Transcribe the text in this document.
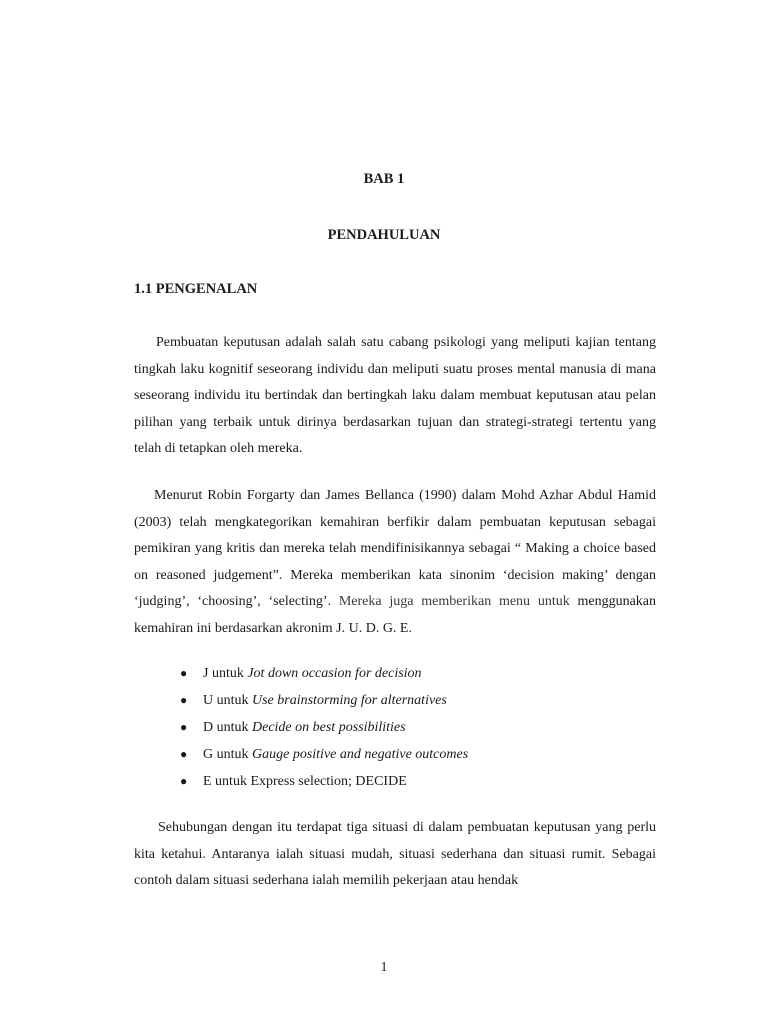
BAB 1

PENDAHULUAN

1.1 PENGENALAN

Pembuatan keputusan adalah salah satu cabang psikologi yang meliputi kajian tentang tingkah laku kognitif seseorang individu dan meliputi suatu proses mental manusia di mana seseorang individu itu bertindak dan bertingkah laku dalam membuat keputusan atau pelan pilihan yang terbaik untuk dirinya berdasarkan tujuan dan strategi-strategi tertentu yang telah di tetapkan oleh mereka.

Menurut Robin Forgarty dan James Bellanca (1990) dalam Mohd Azhar Abdul Hamid (2003) telah mengkategorikan kemahiran berfikir dalam pembuatan keputusan sebagai pemikiran yang kritis dan mereka telah mendifinisikannya sebagai “ Making a choice based on reasoned judgement”. Mereka memberikan kata sinonim ‘decision making’ dengan ‘judging’, ‘choosing’, ‘selecting’. Mereka juga memberikan menu untuk menggunakan kemahiran ini berdasarkan akronim J. U. D. G. E.

● J untuk Jot down occasion for decision
● U untuk Use brainstorming for alternatives
● D untuk Decide on best possibilities
● G untuk Gauge positive and negative outcomes
● E untuk Express selection; DECIDE

Sehubungan dengan itu terdapat tiga situasi di dalam pembuatan keputusan yang perlu kita ketahui. Antaranya ialah situasi mudah, situasi sederhana dan situasi rumit. Sebagai contoh dalam situasi sederhana ialah memilih pekerjaan atau hendak

1
